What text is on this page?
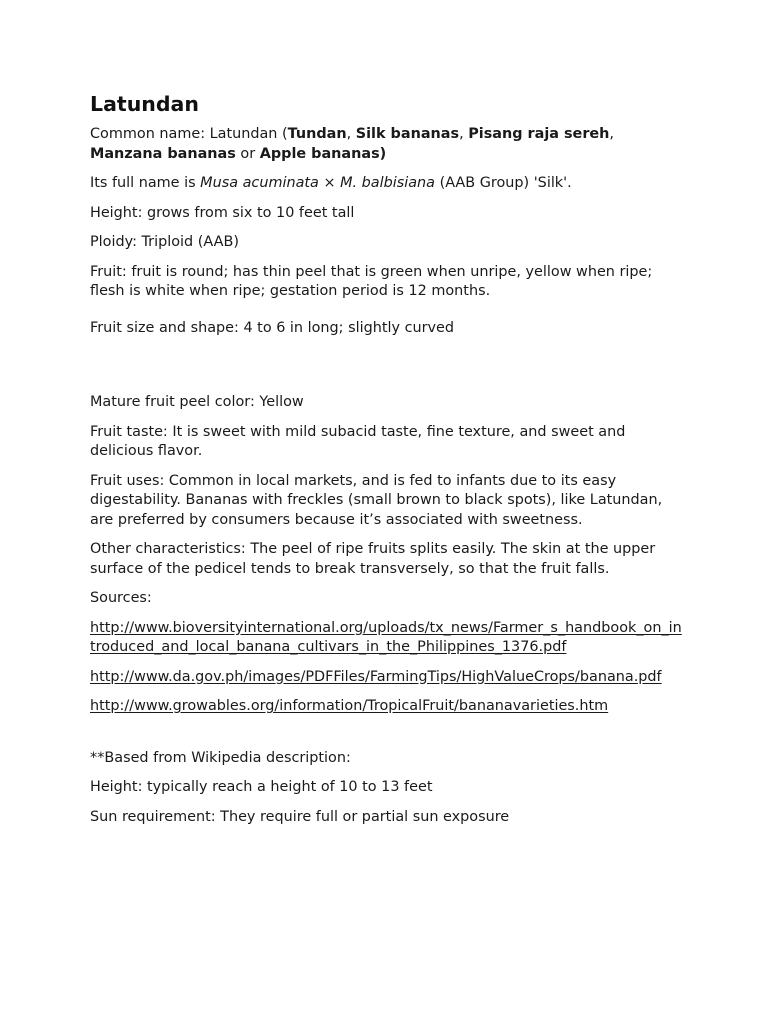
Latundan

Common name: Latundan (Tundan, Silk bananas, Pisang raja sereh, Manzana bananas or Apple bananas)

Its full name is Musa acuminata × M. balbisiana (AAB Group) 'Silk'.

Height: grows from six to 10 feet tall

Ploidy: Triploid (AAB)

Fruit: fruit is round; has thin peel that is green when unripe, yellow when ripe; flesh is white when ripe; gestation period is 12 months.

Fruit size and shape: 4 to 6 in long; slightly curved

Mature fruit peel color: Yellow

Fruit taste: It is sweet with mild subacid taste, fine texture, and sweet and delicious flavor.

Fruit uses: Common in local markets, and is fed to infants due to its easy digestability. Bananas with freckles (small brown to black spots), like Latundan, are preferred by consumers because it’s associated with sweetness.

Other characteristics: The peel of ripe fruits splits easily. The skin at the upper surface of the pedicel tends to break transversely, so that the fruit falls.

Sources:

http://www.bioversityinternational.org/uploads/tx_news/Farmer_s_handbook_on_introduced_and_local_banana_cultivars_in_the_Philippines_1376.pdf

http://www.da.gov.ph/images/PDFFiles/FarmingTips/HighValueCrops/banana.pdf

http://www.growables.org/information/TropicalFruit/bananavarieties.htm

**Based from Wikipedia description:

Height: typically reach a height of 10 to 13 feet

Sun requirement: They require full or partial sun exposure
